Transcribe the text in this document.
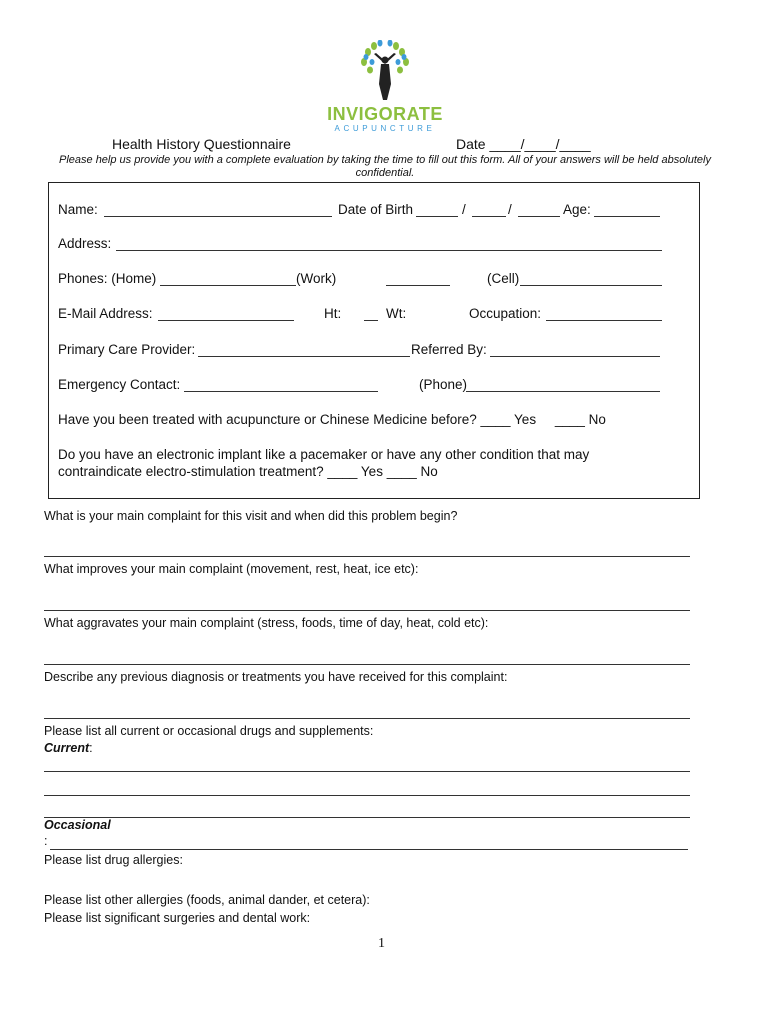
INVIGORATE
ACUPUNCTURE
Health History Questionnaire	Date ____/____/____
Please help us provide you with a complete evaluation by taking the time to fill out this form. All of your answers will be held absolutely confidential.
Name:	Date of Birth	/	/	Age:
Address:
Phones: (Home)	(Work)	(Cell)
E-Mail Address:	Ht:	Wt:	Occupation:
Primary Care Provider:	Referred By:
Emergency Contact:	(Phone)
Have you been treated with acupuncture or Chinese Medicine before? ____ Yes     ____ No
Do you have an electronic implant like a pacemaker or have any other condition that may
contraindicate electro-stimulation treatment? ____ Yes ____ No
What is your main complaint for this visit and when did this problem begin?
What improves your main complaint (movement, rest, heat, ice etc):
What aggravates your main complaint (stress, foods, time of day, heat, cold etc):
Describe any previous diagnosis or treatments you have received for this complaint:
Please list all current or occasional drugs and supplements:
Current:
Occasional
:
Please list drug allergies:
Please list other allergies (foods, animal dander, et cetera):
Please list significant surgeries and dental work:
1
